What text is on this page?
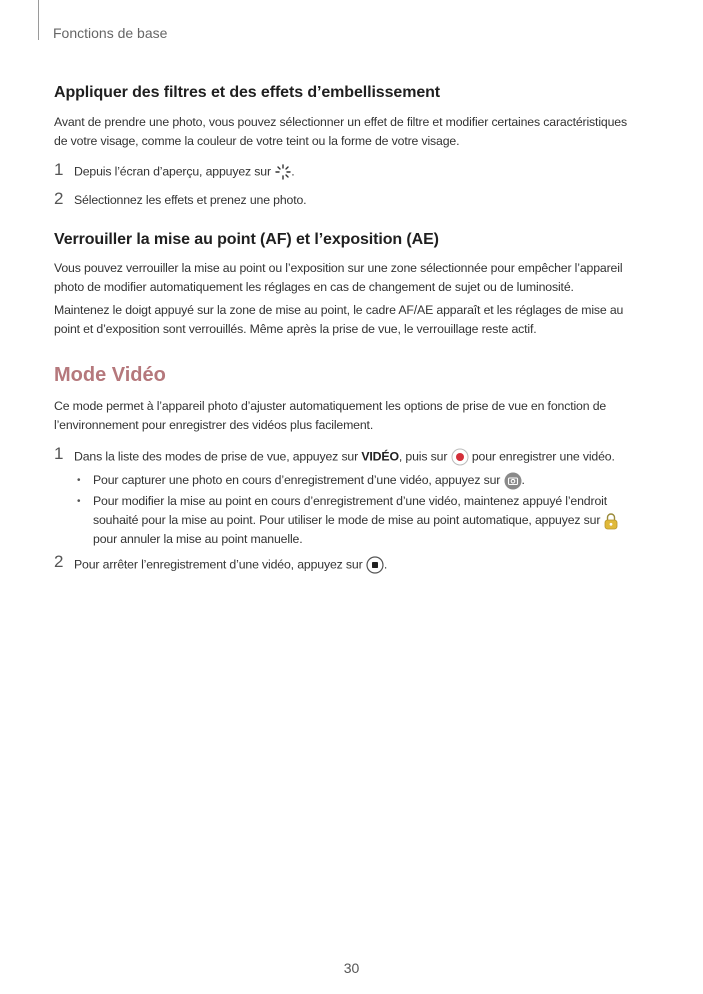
Fonctions de base
Appliquer des filtres et des effets d’embellissement
Avant de prendre une photo, vous pouvez sélectionner un effet de filtre et modifier certaines caractéristiques
de votre visage, comme la couleur de votre teint ou la forme de votre visage.
1 Depuis l’écran d’aperçu, appuyez sur .
2 Sélectionnez les effets et prenez une photo.
Verrouiller la mise au point (AF) et l’exposition (AE)
Vous pouvez verrouiller la mise au point ou l’exposition sur une zone sélectionnée pour empêcher l’appareil
photo de modifier automatiquement les réglages en cas de changement de sujet ou de luminosité.
Maintenez le doigt appuyé sur la zone de mise au point, le cadre AF/AE apparaît et les réglages de mise au
point et d’exposition sont verrouillés. Même après la prise de vue, le verrouillage reste actif.
Mode Vidéo
Ce mode permet à l’appareil photo d’ajuster automatiquement les options de prise de vue en fonction de
l’environnement pour enregistrer des vidéos plus facilement.
1 Dans la liste des modes de prise de vue, appuyez sur VIDÉO, puis sur pour enregistrer une vidéo.
• Pour capturer une photo en cours d’enregistrement d’une vidéo, appuyez sur .
• Pour modifier la mise au point en cours d’enregistrement d’une vidéo, maintenez appuyé l’endroit
souhaité pour la mise au point. Pour utiliser le mode de mise au point automatique, appuyez sur
pour annuler la mise au point manuelle.
2 Pour arrêter l’enregistrement d’une vidéo, appuyez sur .
30
